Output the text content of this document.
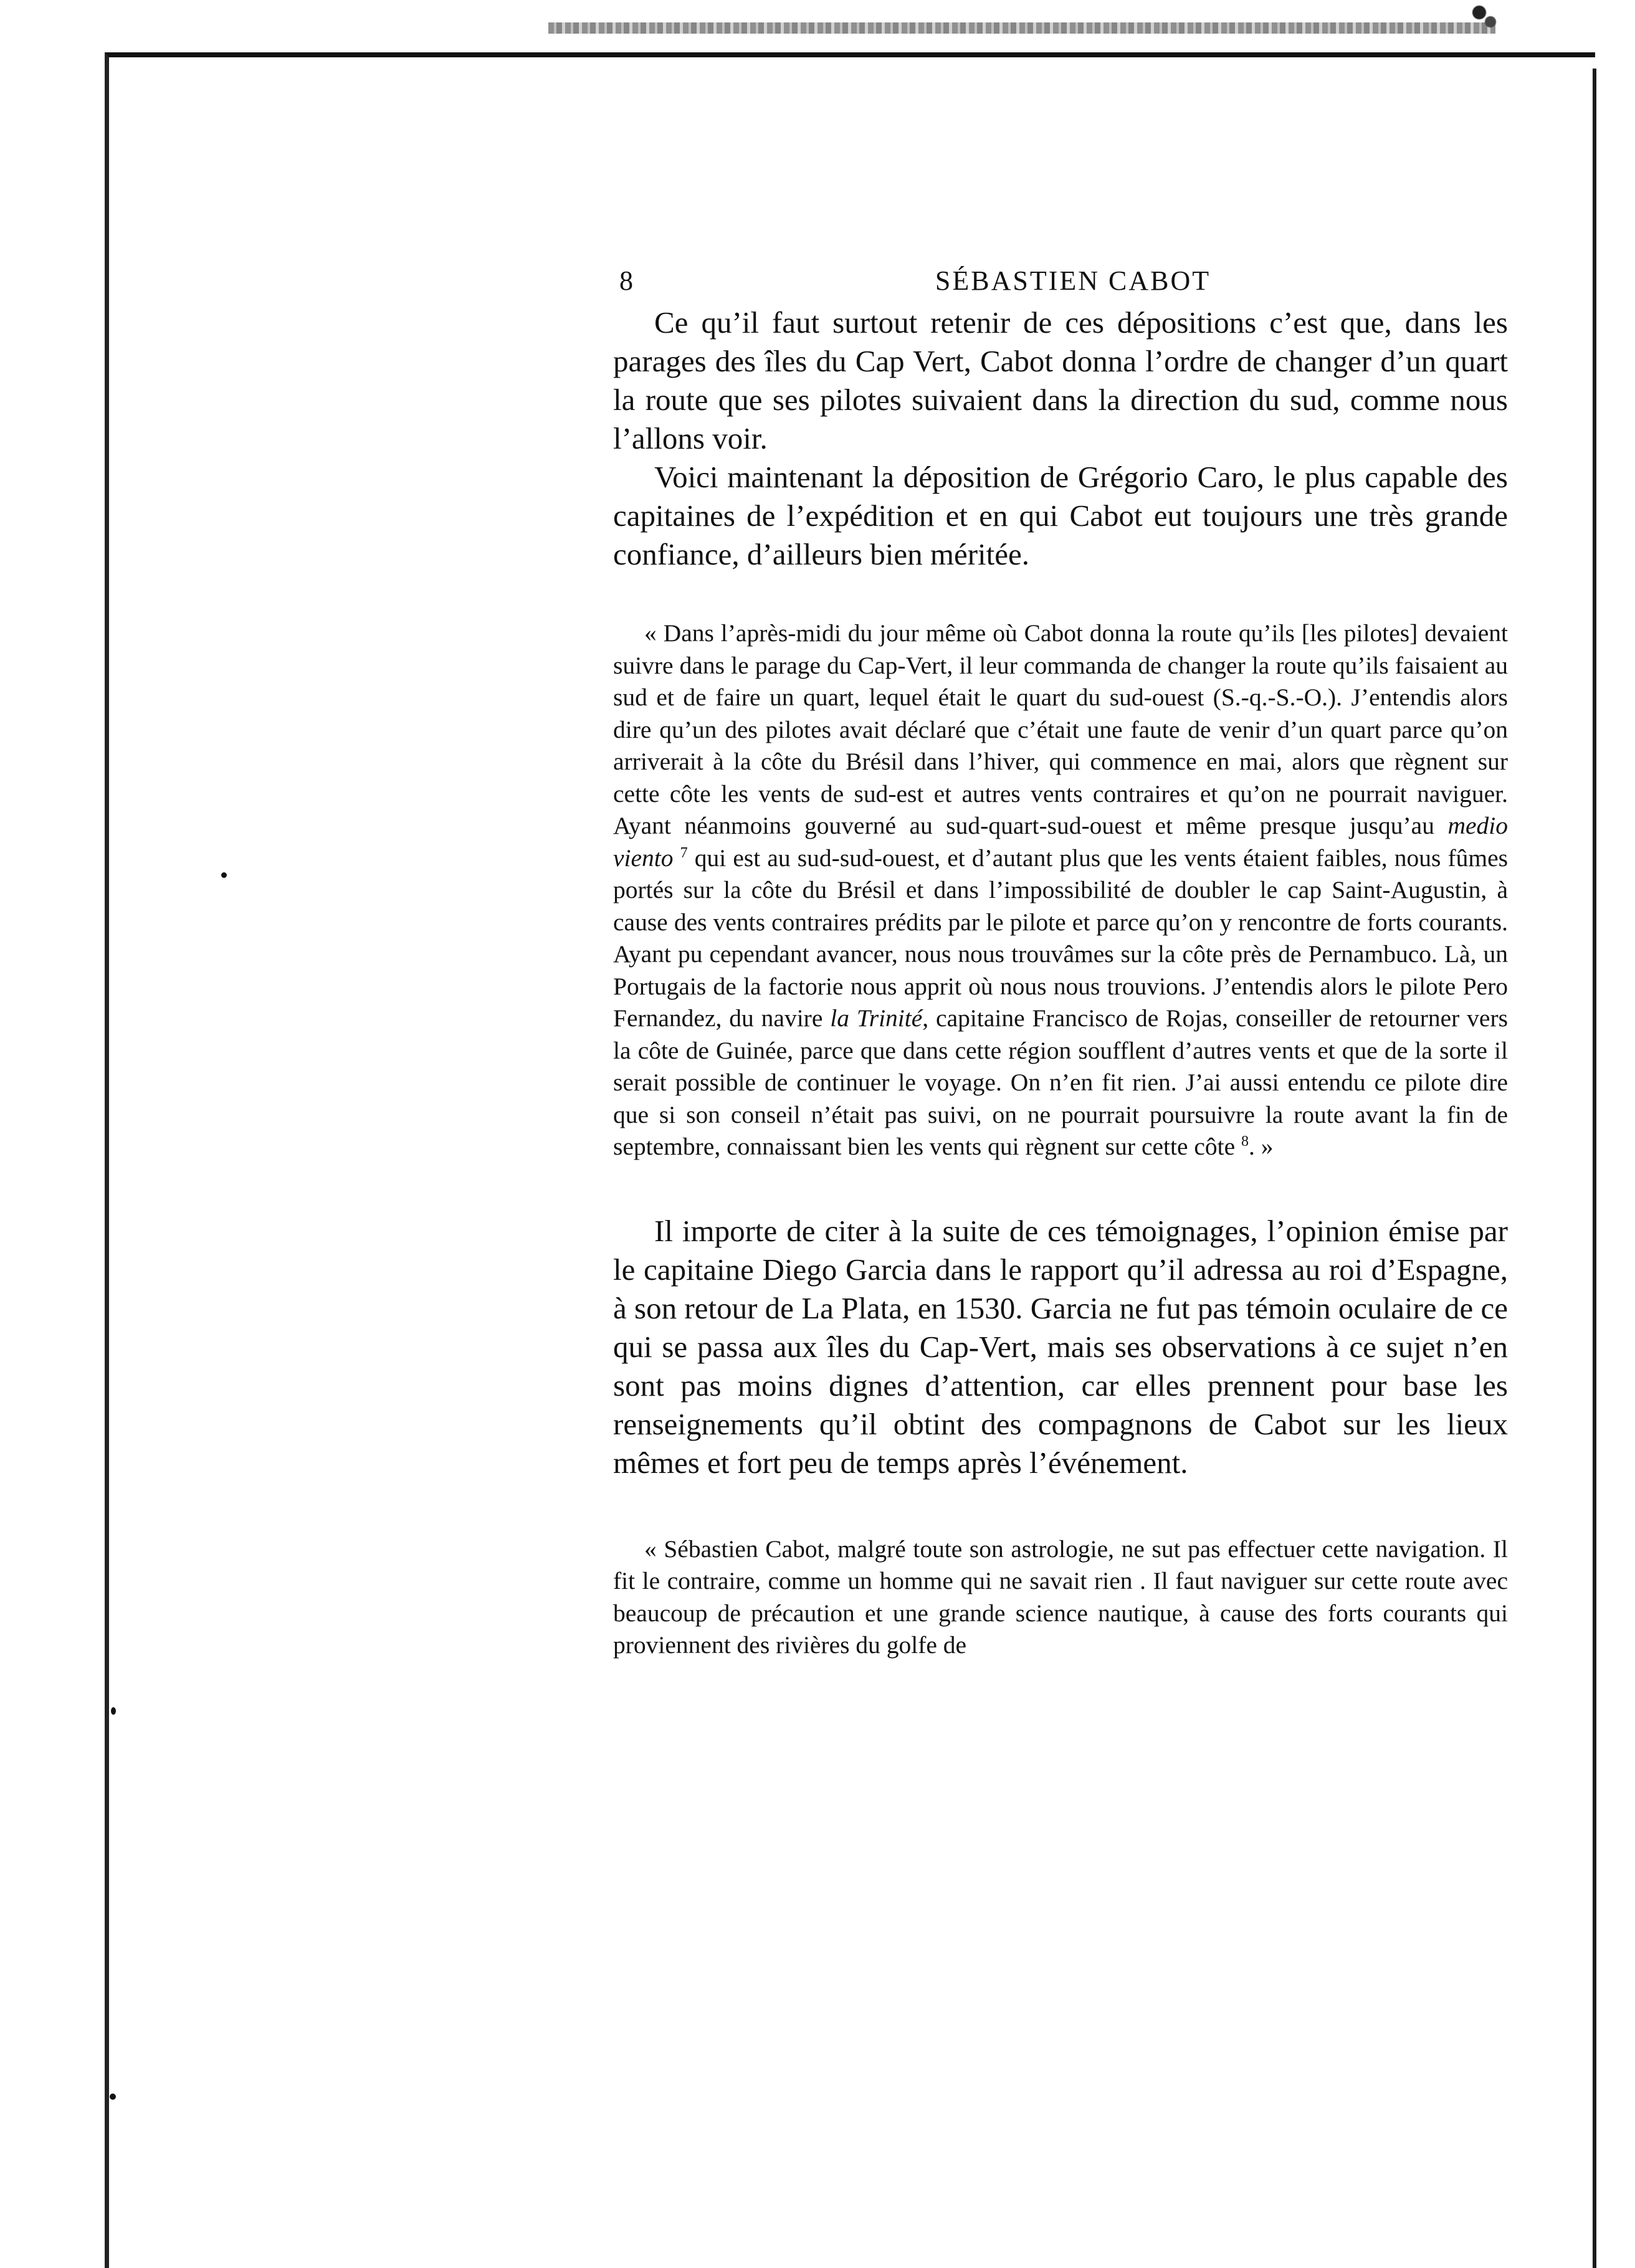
8	SÉBASTIEN CABOT

Ce qu’il faut surtout retenir de ces dépositions c’est que, dans les parages des îles du Cap Vert, Cabot donna l’ordre de changer d’un quart la route que ses pilotes suivaient dans la direction du sud, comme nous l’allons voir.

Voici maintenant la déposition de Grégorio Caro, le plus capable des capitaines de l’expédition et en qui Cabot eut toujours une très grande confiance, d’ailleurs bien méritée.

« Dans l’après-midi du jour même où Cabot donna la route qu’ils [les pilotes] devaient suivre dans le parage du Cap-Vert, il leur commanda de changer la route qu’ils faisaient au sud et de faire un quart, lequel était le quart du sud-ouest (S.-q.-S.-O.). J’entendis alors dire qu’un des pilotes avait déclaré que c’était une faute de venir d’un quart parce qu’on arriverait à la côte du Brésil dans l’hiver, qui commence en mai, alors que règnent sur cette côte les vents de sud-est et autres vents contraires et qu’on ne pourrait naviguer. Ayant néanmoins gouverné au sud-quart-sud-ouest et même presque jusqu’au medio viento $^7$ qui est au sud-sud-ouest, et d’autant plus que les vents étaient faibles, nous fûmes portés sur la côte du Brésil et dans l’impossibilité de doubler le cap Saint-Augustin, à cause des vents contraires prédits par le pilote et parce qu’on y rencontre de forts courants. Ayant pu cependant avancer, nous nous trouvâmes sur la côte près de Pernambuco. Là, un Portugais de la factorie nous apprit où nous nous trouvions. J’entendis alors le pilote Pero Fernandez, du navire la Trinité, capitaine Francisco de Rojas, conseiller de retourner vers la côte de Guinée, parce que dans cette région soufflent d’autres vents et que de la sorte il serait possible de continuer le voyage. On n’en fit rien. J’ai aussi entendu ce pilote dire que si son conseil n’était pas suivi, on ne pourrait poursuivre la route avant la fin de septembre, connaissant bien les vents qui règnent sur cette côte $^8$. »

Il importe de citer à la suite de ces témoignages, l’opinion émise par le capitaine Diego Garcia dans le rapport qu’il adressa au roi d’Espagne, à son retour de La Plata, en 1530. Garcia ne fut pas témoin oculaire de ce qui se passa aux îles du Cap-Vert, mais ses observations à ce sujet n’en sont pas moins dignes d’attention, car elles prennent pour base les renseignements qu’il obtint des compagnons de Cabot sur les lieux mêmes et fort peu de temps après l’événement.

« Sébastien Cabot, malgré toute son astrologie, ne sut pas effectuer cette navigation. Il fit le contraire, comme un homme qui ne savait rien . Il faut naviguer sur cette route avec beaucoup de précaution et une grande science nautique, à cause des forts courants qui proviennent des rivières du golfe de
